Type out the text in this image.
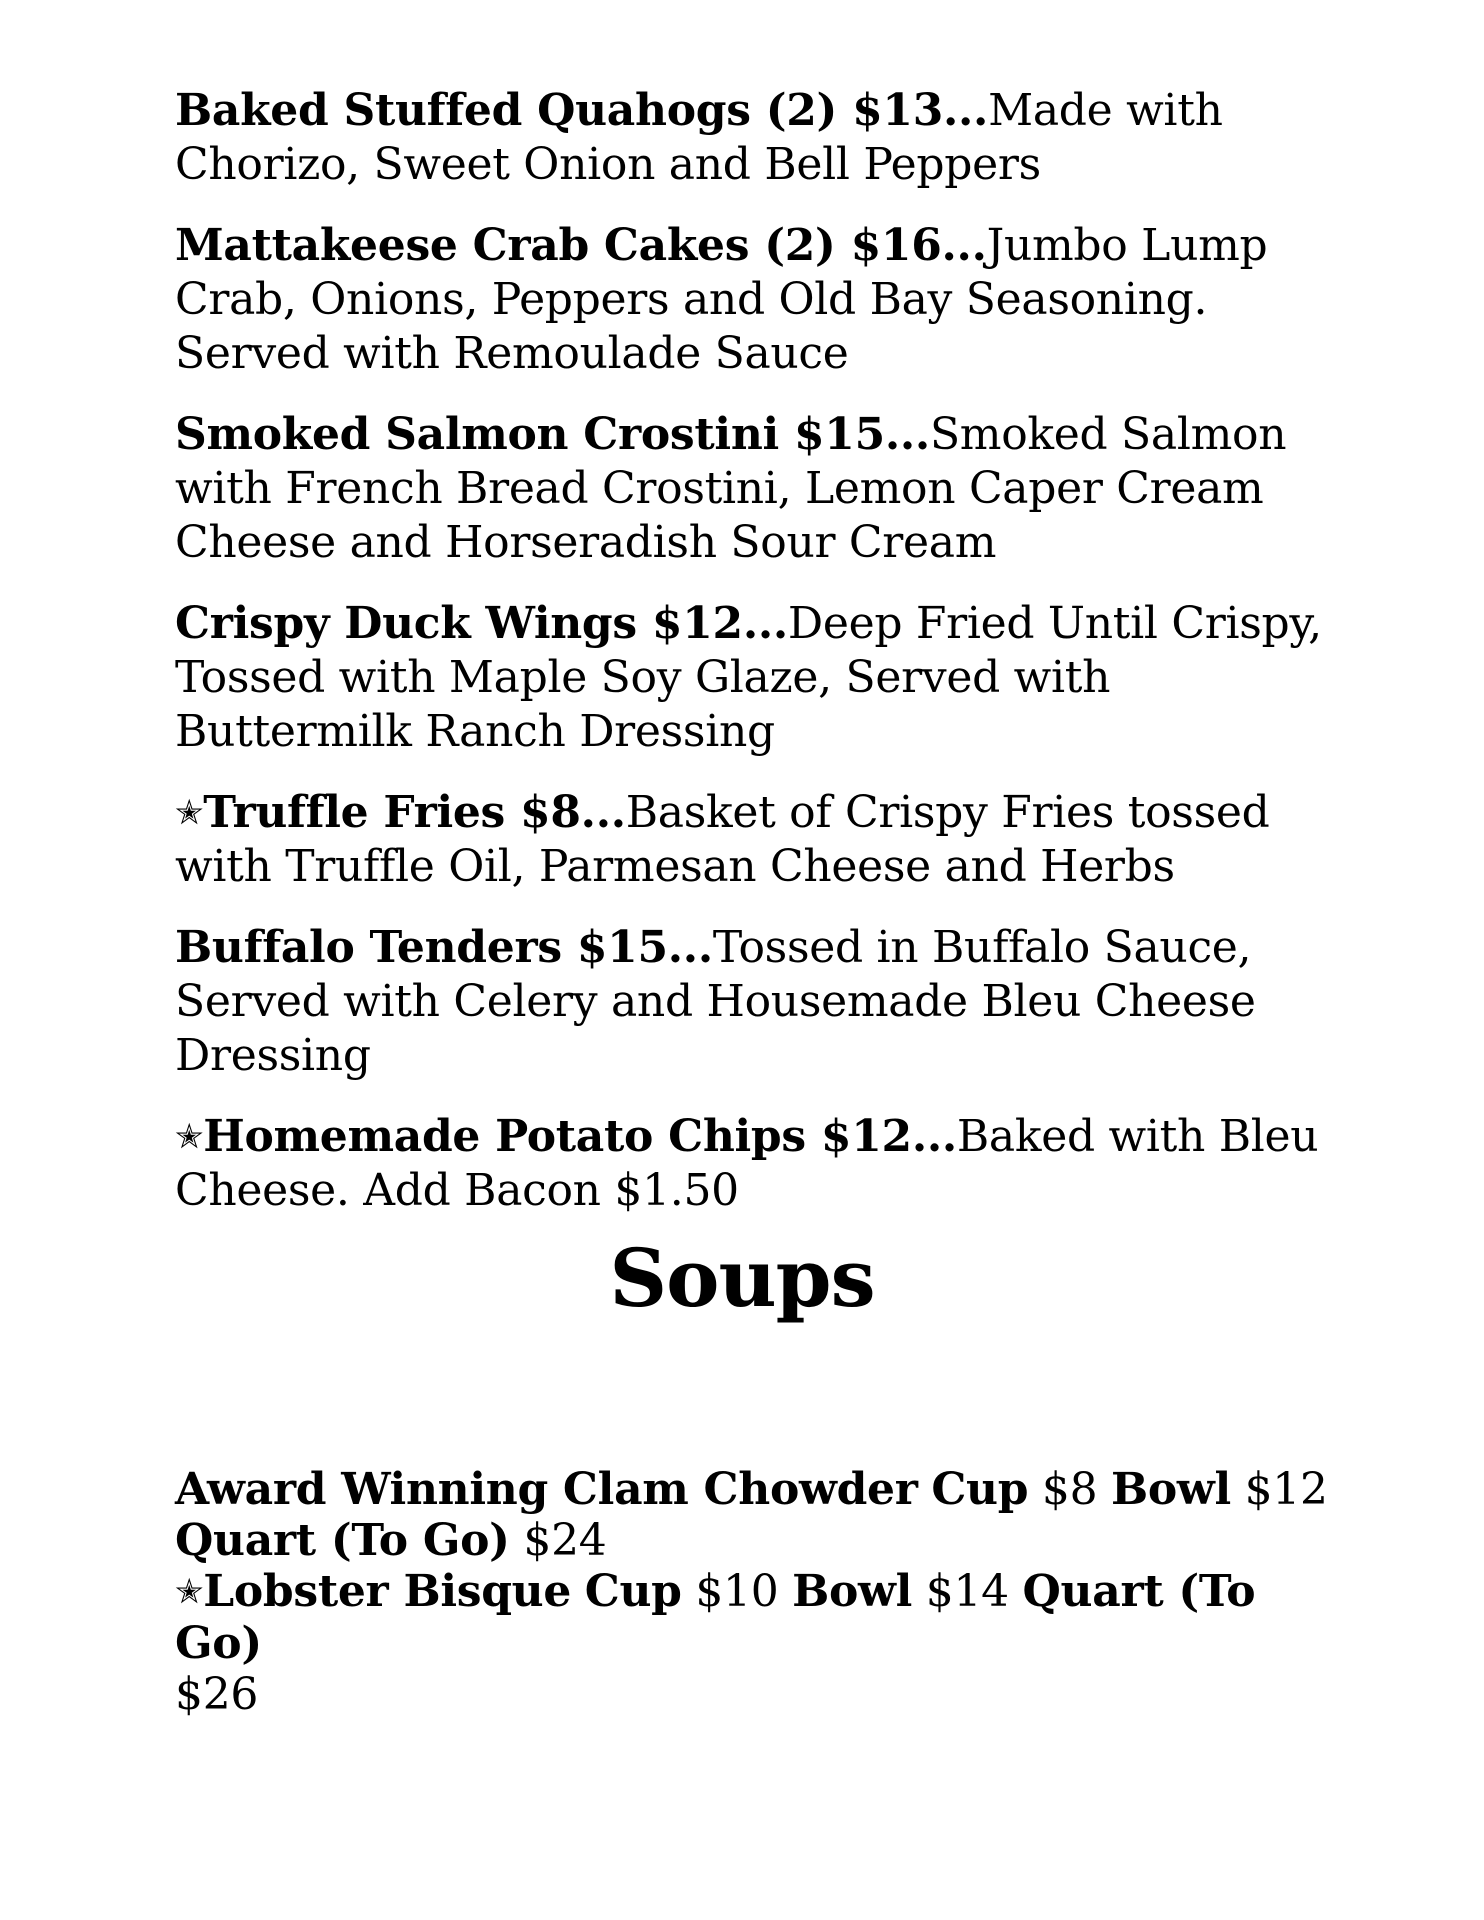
Baked Stuffed Quahogs (2) $13...Made with Chorizo, Sweet Onion and Bell Peppers

Mattakeese Crab Cakes (2) $16...Jumbo Lump Crab, Onions, Peppers and Old Bay Seasoning. Served with Remoulade Sauce

Smoked Salmon Crostini $15...Smoked Salmon with French Bread Crostini, Lemon Caper Cream Cheese and Horseradish Sour Cream

Crispy Duck Wings $12...Deep Fried Until Crispy, Tossed with Maple Soy Glaze, Served with Buttermilk Ranch Dressing

✭Truffle Fries $8...Basket of Crispy Fries tossed with Truffle Oil, Parmesan Cheese and Herbs

Buffalo Tenders $15...Tossed in Buffalo Sauce, Served with Celery and Housemade Bleu Cheese Dressing

✭Homemade Potato Chips $12...Baked with Bleu Cheese. Add Bacon $1.50

Soups
Award Winning Clam Chowder Cup $8 Bowl $12
Quart (To Go) $24
✭Lobster Bisque Cup $10 Bowl $14 Quart (To Go)
$26
